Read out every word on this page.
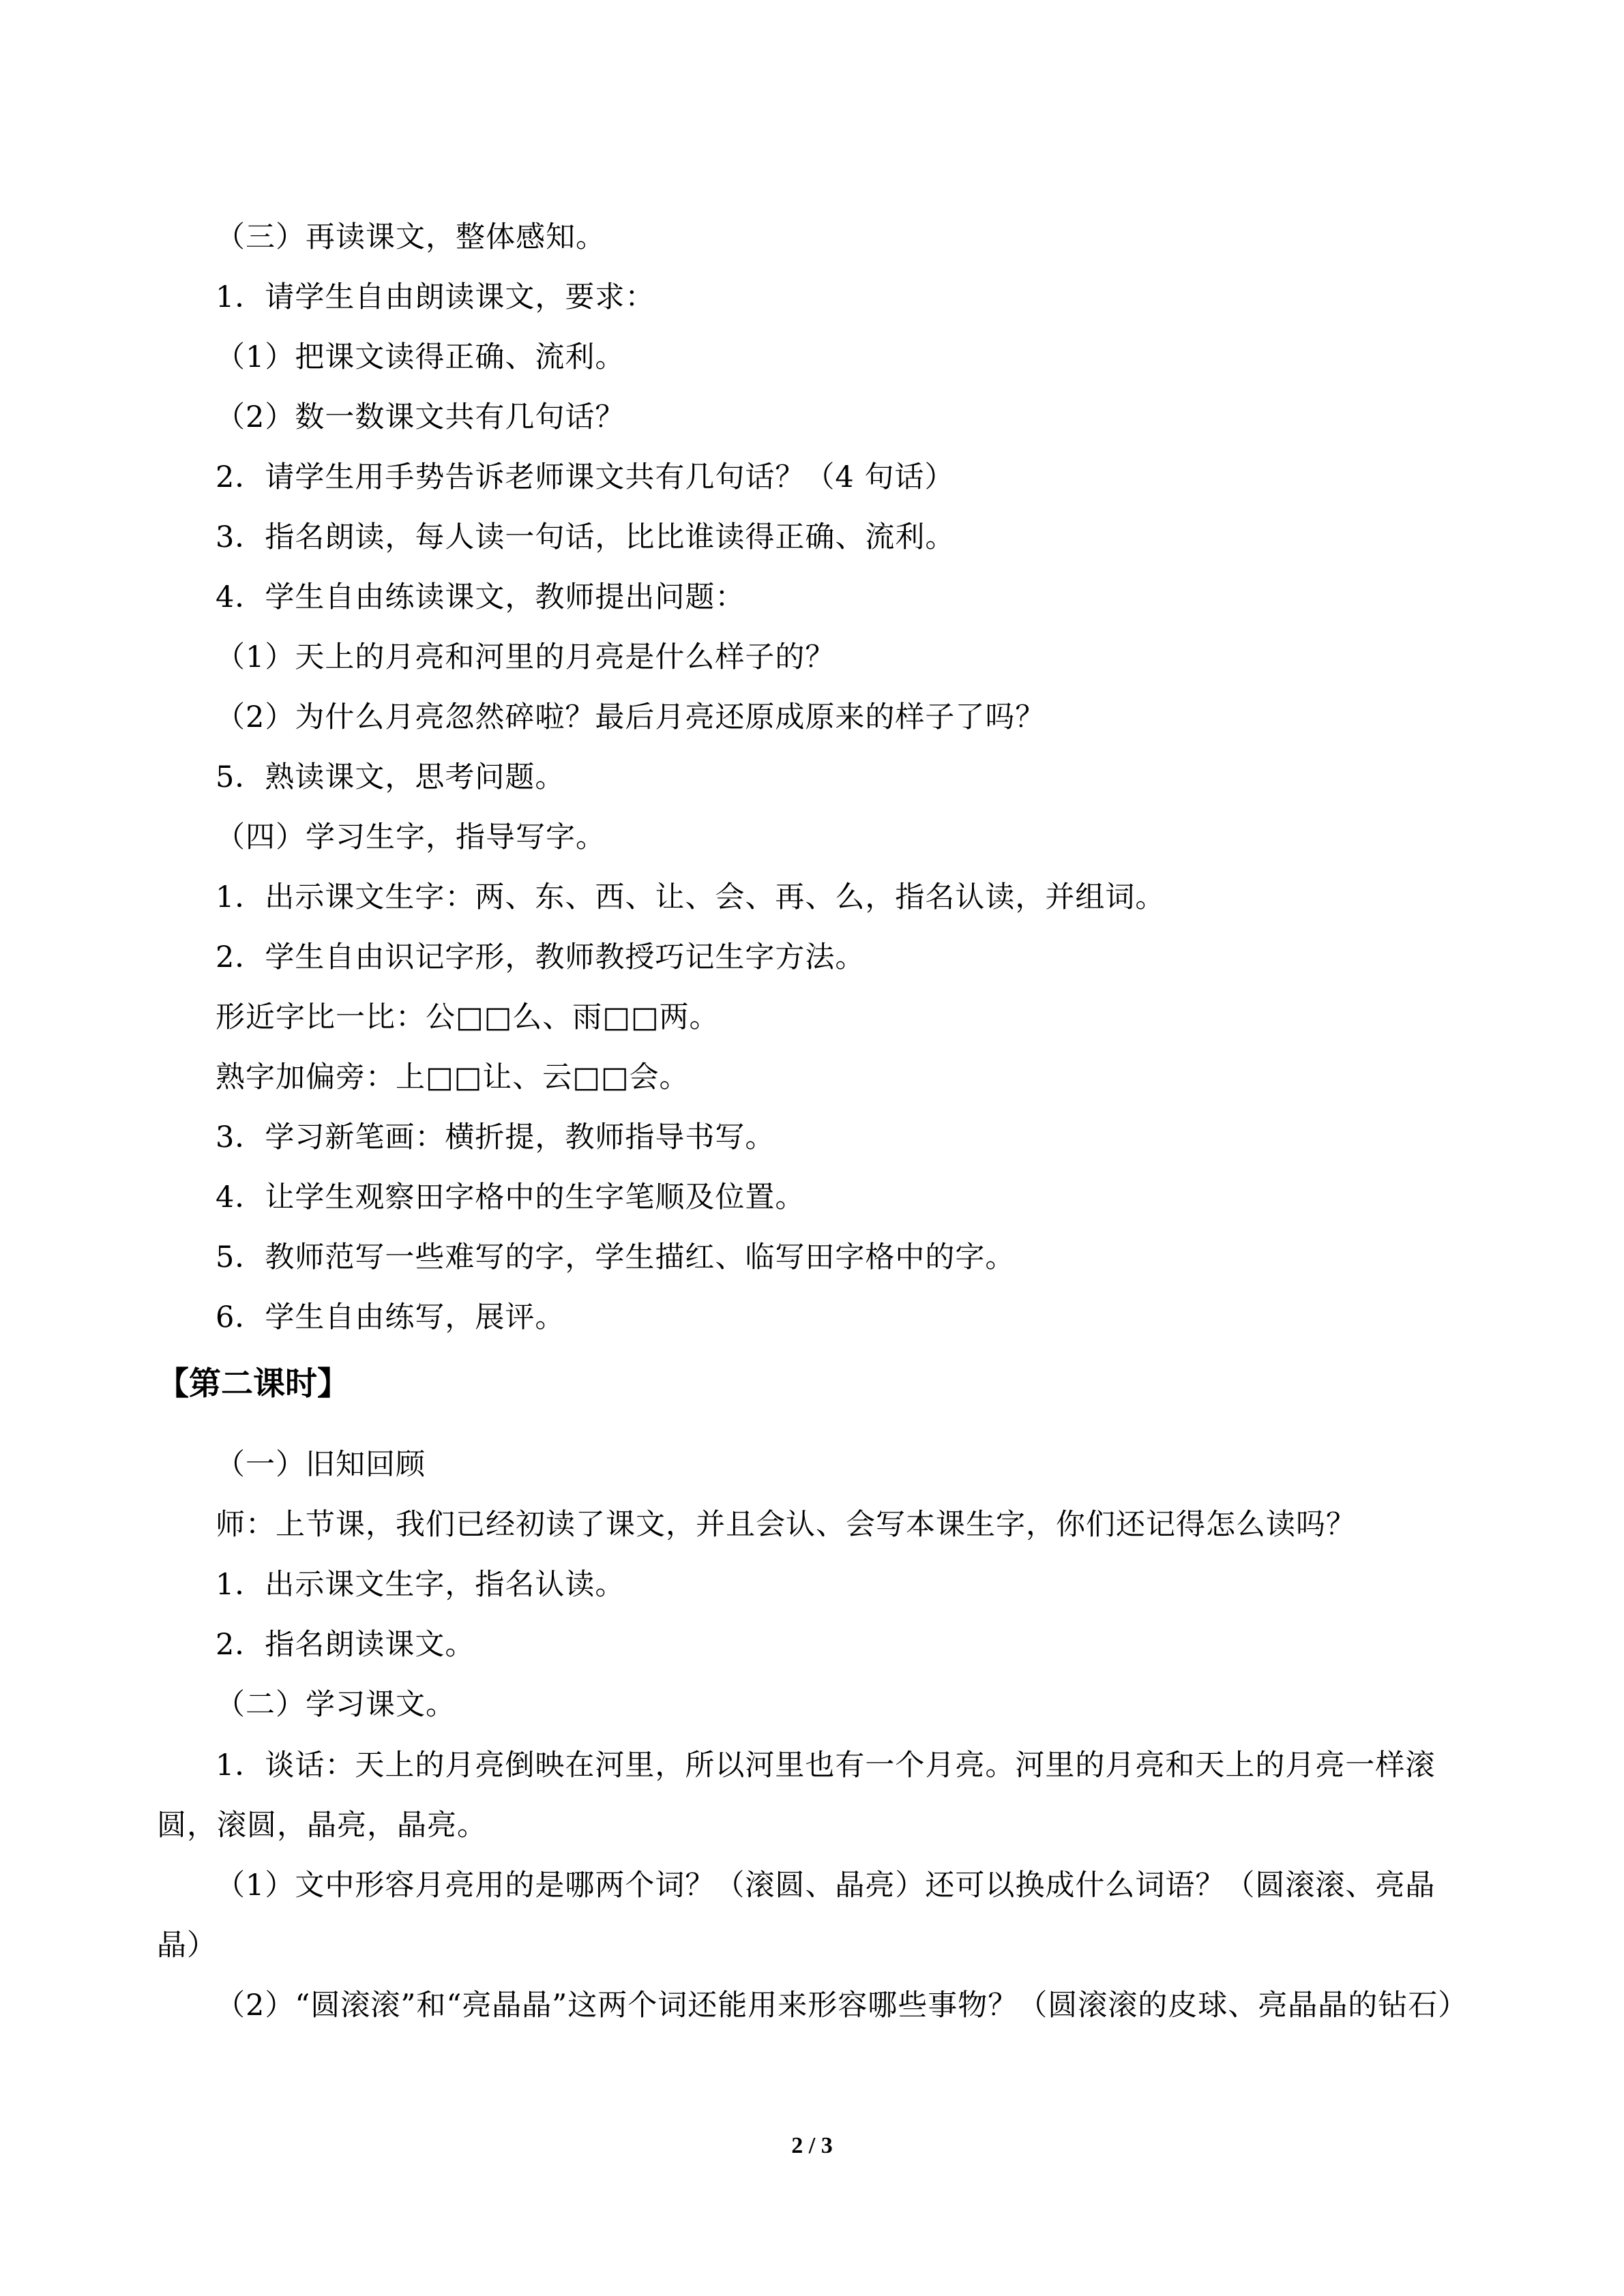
（三）再读课文，整体感知。
1．请学生自由朗读课文，要求：
（1）把课文读得正确、流利。
（2）数一数课文共有几句话？
2．请学生用手势告诉老师课文共有几句话？（4 句话）
3．指名朗读，每人读一句话，比比谁读得正确、流利。
4．学生自由练读课文，教师提出问题：
（1）天上的月亮和河里的月亮是什么样子的？
（2）为什么月亮忽然碎啦？最后月亮还原成原来的样子了吗？
5．熟读课文，思考问题。
（四）学习生字，指导写字。
1．出示课文生字：两、东、西、让、会、再、么，指名认读，并组词。
2．学生自由识记字形，教师教授巧记生字方法。
形近字比一比：公□□么、雨□□两。
熟字加偏旁：上□□让、云□□会。
3．学习新笔画：横折提，教师指导书写。
4．让学生观察田字格中的生字笔顺及位置。
5．教师范写一些难写的字，学生描红、临写田字格中的字。
6．学生自由练写，展评。
【第二课时】
（一）旧知回顾
师：上节课，我们已经初读了课文，并且会认、会写本课生字，你们还记得怎么读吗？
1．出示课文生字，指名认读。
2．指名朗读课文。
（二）学习课文。
1．谈话：天上的月亮倒映在河里，所以河里也有一个月亮。河里的月亮和天上的月亮一样滚圆，滚圆，晶亮，晶亮。
（1）文中形容月亮用的是哪两个词？（滚圆、晶亮）还可以换成什么词语？（圆滚滚、亮晶晶）
（2）“圆滚滚”和“亮晶晶”这两个词还能用来形容哪些事物？（圆滚滚的皮球、亮晶晶的钻石）
2 / 3
